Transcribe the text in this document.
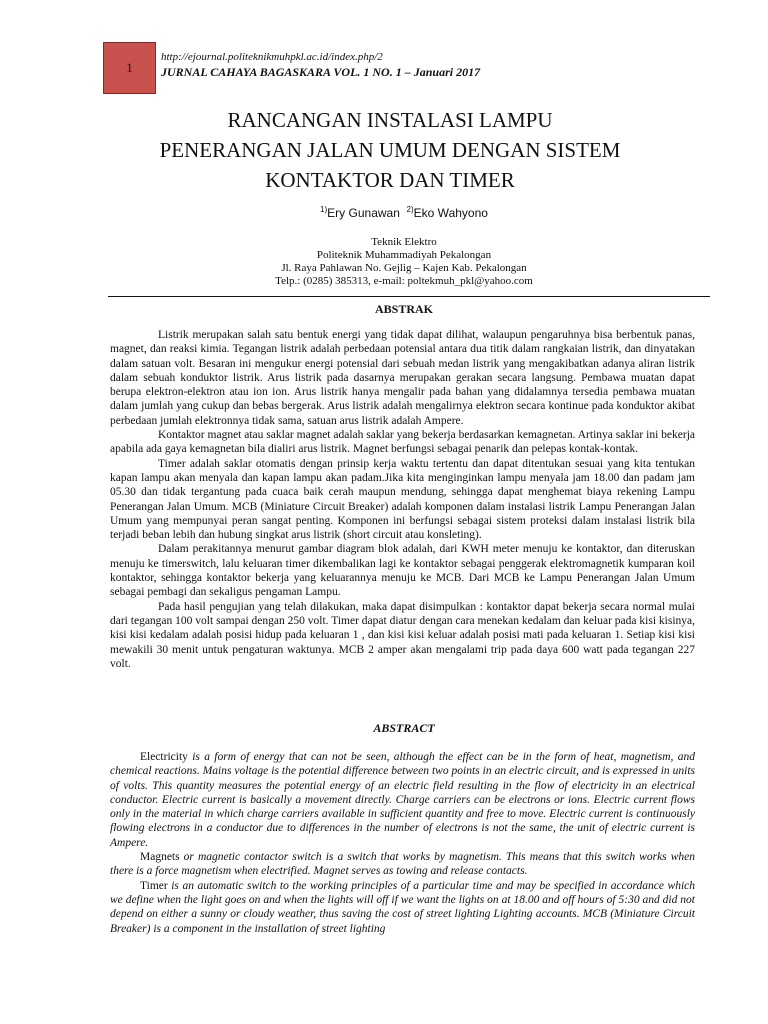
1
http://ejournal.politeknikmuhpkl.ac.id/index.php/2
JURNAL CAHAYA BAGASKARA VOL. 1 NO. 1 – Januari 2017
RANCANGAN INSTALASI LAMPU
PENERANGAN JALAN UMUM DENGAN SISTEM
KONTAKTOR DAN TIMER
$^{1)}$Ery Gunawan $^{2)}$Eko Wahyono
Teknik Elektro
Politeknik Muhammadiyah Pekalongan
Jl. Raya Pahlawan No. Gejlig – Kajen Kab. Pekalongan
Telp.: (0285) 385313, e-mail: poltekmuh_pkl@yahoo.com
ABSTRAK

Listrik merupakan salah satu bentuk energi yang tidak dapat dilihat, walaupun pengaruhnya bisa berbentuk panas, magnet, dan reaksi kimia. Tegangan listrik adalah perbedaan potensial antara dua titik dalam rangkaian listrik, dan dinyatakan dalam satuan volt. Besaran ini mengukur energi potensial dari sebuah medan listrik yang mengakibatkan adanya aliran listrik dalam sebuah konduktor listrik. Arus listrik pada dasarnya merupakan gerakan secara langsung. Pembawa muatan dapat berupa elektron-elektron atau ion ion. Arus listrik hanya mengalir pada bahan yang didalamnya tersedia pembawa muatan dalam jumlah yang cukup dan bebas bergerak. Arus listrik adalah mengalirnya elektron secara kontinue pada konduktor akibat perbedaan jumlah elektronnya tidak sama, satuan arus listrik adalah Ampere.

Kontaktor magnet atau saklar magnet adalah saklar yang bekerja berdasarkan kemagnetan. Artinya saklar ini bekerja apabila ada gaya kemagnetan bila dialiri arus listrik. Magnet berfungsi sebagai penarik dan pelepas kontak-kontak.

Timer adalah saklar otomatis dengan prinsip kerja waktu tertentu dan dapat ditentukan sesuai yang kita tentukan kapan lampu akan menyala dan kapan lampu akan padam.Jika kita menginginkan lampu menyala jam 18.00 dan padam jam 05.30 dan tidak tergantung pada cuaca baik cerah maupun mendung, sehingga dapat menghemat biaya rekening Lampu Penerangan Jalan Umum. MCB (Miniature Circuit Breaker) adalah komponen dalam instalasi listrik Lampu Penerangan Jalan Umum yang mempunyai peran sangat penting. Komponen ini berfungsi sebagai sistem proteksi dalam instalasi listrik bila terjadi beban lebih dan hubung singkat arus listrik (short circuit atau konsleting).

Dalam perakitannya menurut gambar diagram blok adalah, dari KWH meter menuju ke kontaktor, dan diteruskan menuju ke timerswitch, lalu keluaran timer dikembalikan lagi ke kontaktor sebagai penggerak elektromagnetik kumparan koil kontaktor, sehingga kontaktor bekerja yang keluarannya menuju ke MCB. Dari MCB ke Lampu Penerangan Jalan Umum sebagai pembagi dan sekaligus pengaman Lampu.

Pada hasil pengujian yang telah dilakukan, maka dapat disimpulkan : kontaktor dapat bekerja secara normal mulai dari tegangan 100 volt sampai dengan 250 volt. Timer dapat diatur dengan cara menekan kedalam dan keluar pada kisi kisinya, kisi kisi kedalam adalah posisi hidup pada keluaran 1 , dan kisi kisi keluar adalah posisi mati pada keluaran 1. Setiap kisi kisi mewakili 30 menit untuk pengaturan waktunya. MCB 2 amper akan mengalami trip pada daya 600 watt pada tegangan 227 volt.

ABSTRACT

Electricity is a form of energy that can not be seen, although the effect can be in the form of heat, magnetism, and chemical reactions. Mains voltage is the potential difference between two points in an electric circuit, and is expressed in units of volts. This quantity measures the potential energy of an electric field resulting in the flow of electricity in an electrical conductor. Electric current is basically a movement directly. Charge carriers can be electrons or ions. Electric current flows only in the material in which charge carriers available in sufficient quantity and free to move. Electric current is continuously flowing electrons in a conductor due to differences in the number of electrons is not the same, the unit of electric current is Ampere.

Magnets or magnetic contactor switch is a switch that works by magnetism. This means that this switch works when there is a force magnetism when electrified. Magnet serves as towing and release contacts.

Timer is an automatic switch to the working principles of a particular time and may be specified in accordance which we define when the light goes on and when the lights will off if we want the lights on at 18.00 and off hours of 5:30 and did not depend on either a sunny or cloudy weather, thus saving the cost of street lighting Lighting accounts. MCB (Miniature Circuit Breaker) is a component in the installation of street lighting
